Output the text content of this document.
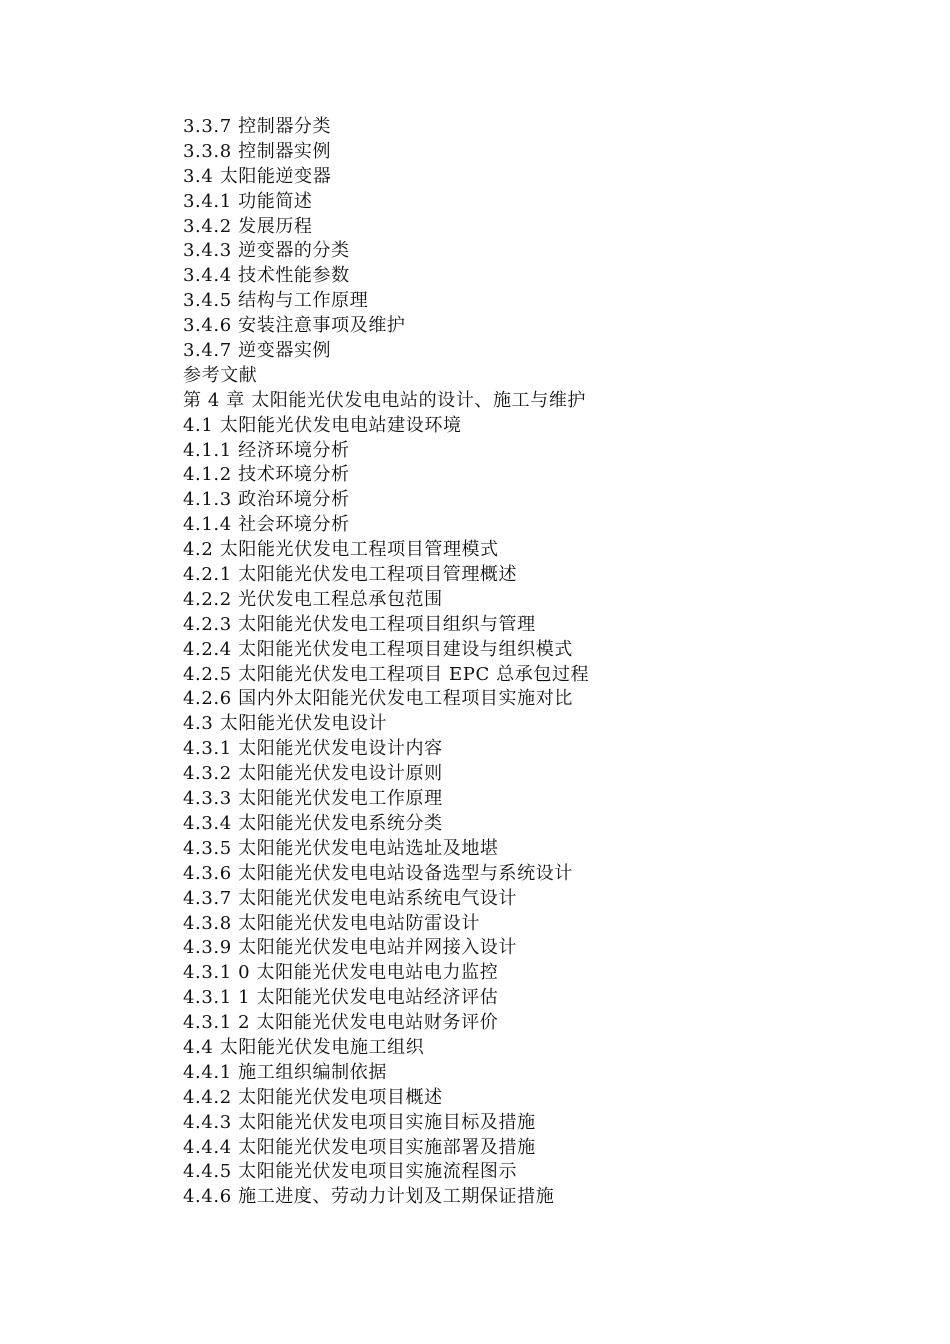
3.3.7 控制器分类
3.3.8 控制器实例
3.4 太阳能逆变器
3.4.1 功能简述
3.4.2 发展历程
3.4.3 逆变器的分类
3.4.4 技术性能参数
3.4.5 结构与工作原理
3.4.6 安装注意事项及维护
3.4.7 逆变器实例
参考文献
第 4 章 太阳能光伏发电电站的设计、施工与维护
4.1 太阳能光伏发电电站建设环境
4.1.1 经济环境分析
4.1.2 技术环境分析
4.1.3 政治环境分析
4.1.4 社会环境分析
4.2 太阳能光伏发电工程项目管理模式
4.2.1 太阳能光伏发电工程项目管理概述
4.2.2 光伏发电工程总承包范围
4.2.3 太阳能光伏发电工程项目组织与管理
4.2.4 太阳能光伏发电工程项目建设与组织模式
4.2.5 太阳能光伏发电工程项目 EPC 总承包过程
4.2.6 国内外太阳能光伏发电工程项目实施对比
4.3 太阳能光伏发电设计
4.3.1 太阳能光伏发电设计内容
4.3.2 太阳能光伏发电设计原则
4.3.3 太阳能光伏发电工作原理
4.3.4 太阳能光伏发电系统分类
4.3.5 太阳能光伏发电电站选址及地堪
4.3.6 太阳能光伏发电电站设备选型与系统设计
4.3.7 太阳能光伏发电电站系统电气设计
4.3.8 太阳能光伏发电电站防雷设计
4.3.9 太阳能光伏发电电站并网接入设计
4.3.1 0 太阳能光伏发电电站电力监控
4.3.1 1 太阳能光伏发电电站经济评估
4.3.1 2 太阳能光伏发电电站财务评价
4.4 太阳能光伏发电施工组织
4.4.1 施工组织编制依据
4.4.2 太阳能光伏发电项目概述
4.4.3 太阳能光伏发电项目实施目标及措施
4.4.4 太阳能光伏发电项目实施部署及措施
4.4.5 太阳能光伏发电项目实施流程图示
4.4.6 施工进度、劳动力计划及工期保证措施
